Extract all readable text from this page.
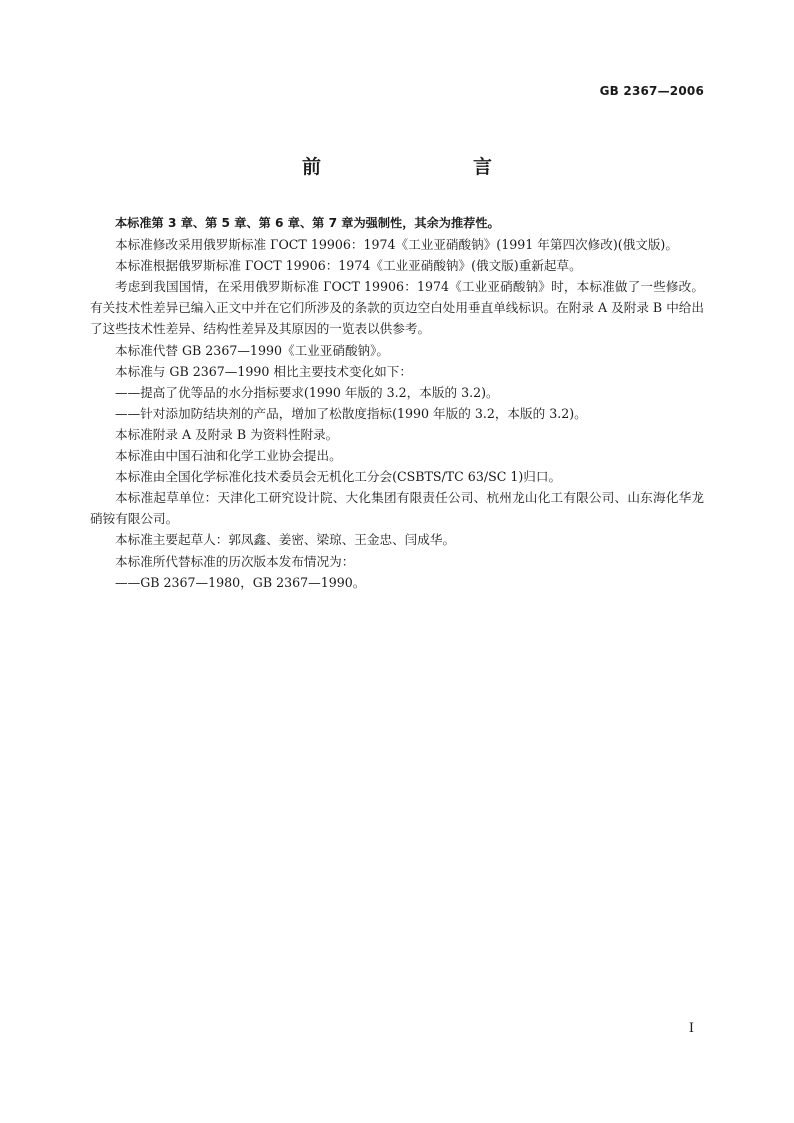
GB 2367—2006
前　　言

本标准第 3 章、第 5 章、第 6 章、第 7 章为强制性，其余为推荐性。

本标准修改采用俄罗斯标准 ГОСТ 19906：1974《工业亚硝酸钠》(1991 年第四次修改)(俄文版)。

本标准根据俄罗斯标准 ГОСТ 19906：1974《工业亚硝酸钠》(俄文版)重新起草。

考虑到我国国情，在采用俄罗斯标准 ГОСТ 19906：1974《工业亚硝酸钠》时，本标准做了一些修改。有关技术性差异已编入正文中并在它们所涉及的条款的页边空白处用垂直单线标识。在附录 A 及附录 B 中给出了这些技术性差异、结构性差异及其原因的一览表以供参考。

本标准代替 GB 2367—1990《工业亚硝酸钠》。

本标准与 GB 2367—1990 相比主要技术变化如下：

——提高了优等品的水分指标要求(1990 年版的 3.2，本版的 3.2)。

——针对添加防结块剂的产品，增加了松散度指标(1990 年版的 3.2，本版的 3.2)。

本标准附录 A 及附录 B 为资料性附录。

本标准由中国石油和化学工业协会提出。

本标准由全国化学标准化技术委员会无机化工分会(CSBTS/TC 63/SC 1)归口。

本标准起草单位：天津化工研究设计院、大化集团有限责任公司、杭州龙山化工有限公司、山东海化华龙硝铵有限公司。

本标准主要起草人：郭凤鑫、姜密、梁琼、王金忠、闫成华。

本标准所代替标准的历次版本发布情况为：

——GB 2367—1980，GB 2367—1990。

I
